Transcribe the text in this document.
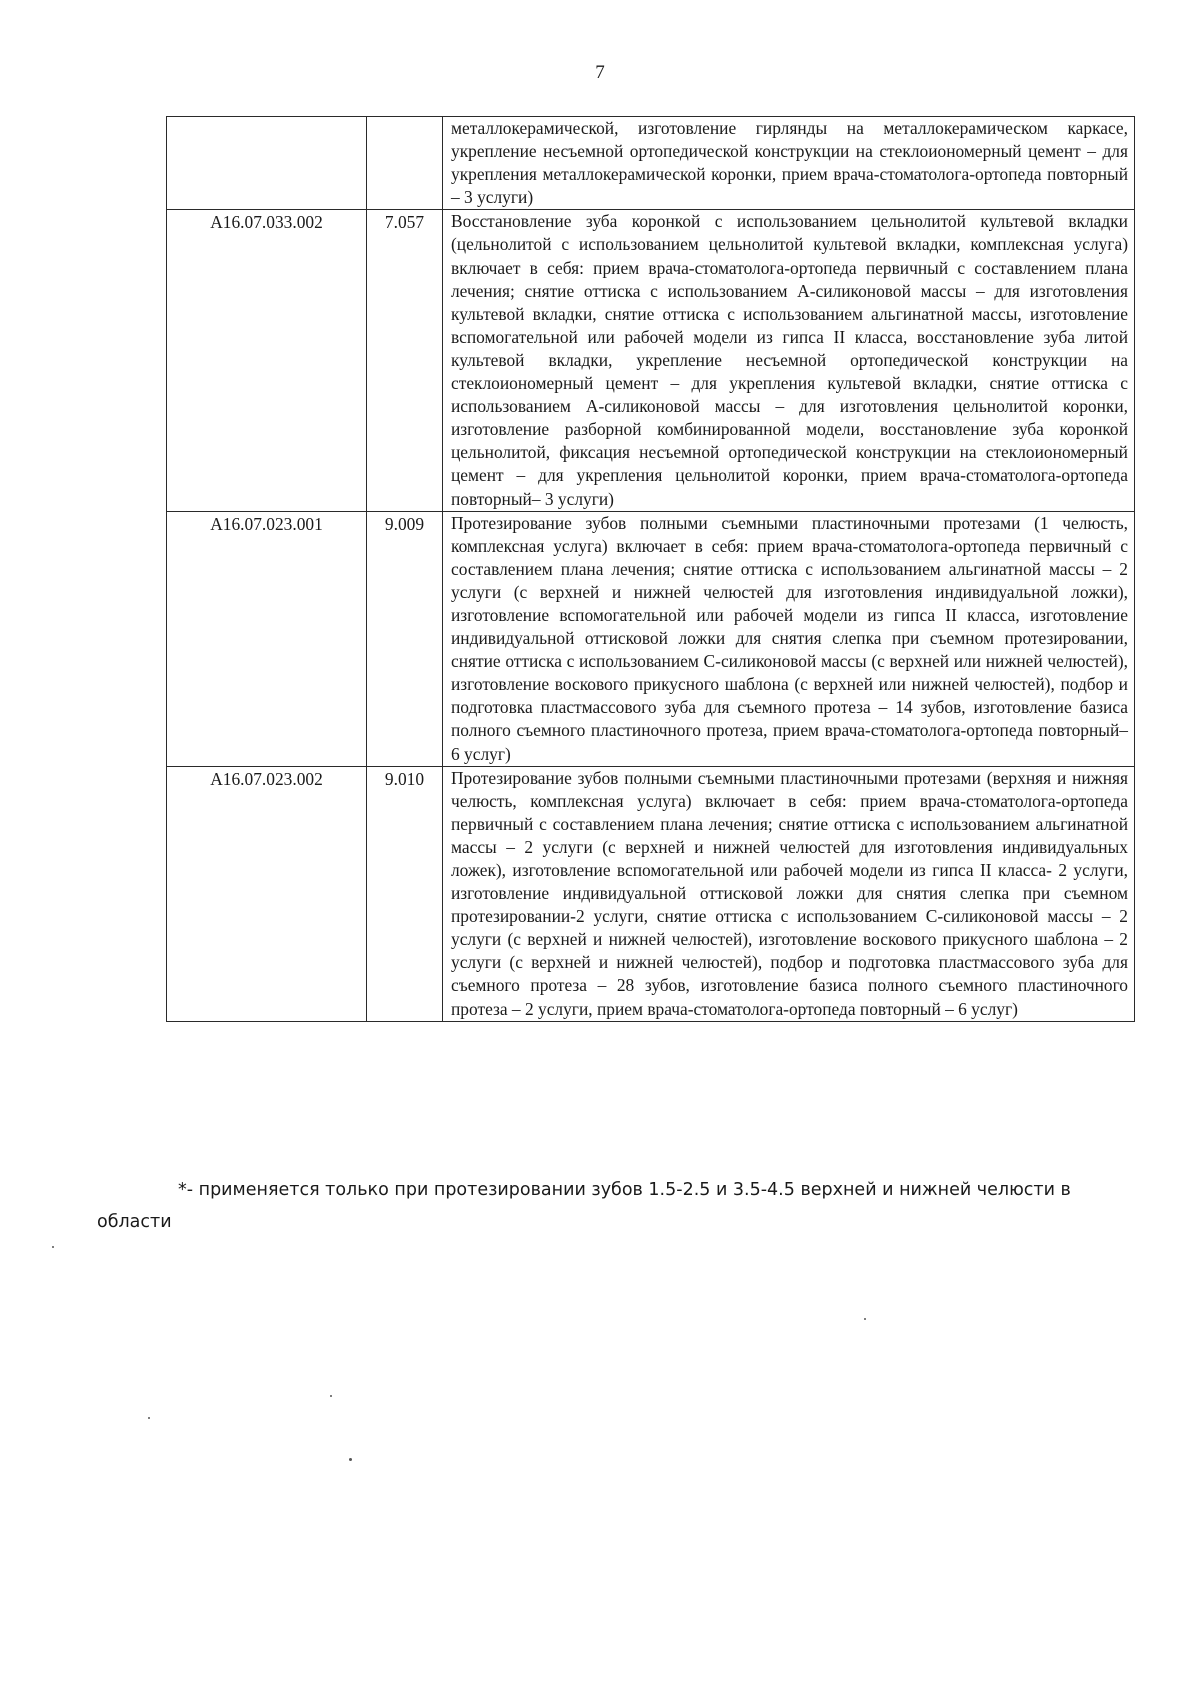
7
		металлокерамической, изготовление гирлянды на металлокерамическом каркасе, укрепление несъемной ортопедической конструкции на стеклоиономерный цемент – для укрепления металлокерамической коронки, прием врача-стоматолога-ортопеда повторный – 3 услуги)
A16.07.033.002	7.057	Восстановление зуба коронкой с использованием цельнолитой культевой вкладки (цельнолитой с использованием цельнолитой культевой вкладки, комплексная услуга) включает в себя: прием врача-стоматолога-ортопеда первичный с составлением плана лечения; снятие оттиска с использованием А-силиконовой массы – для изготовления культевой вкладки, снятие оттиска с использованием альгинатной массы, изготовление вспомогательной или рабочей модели из гипса II класса, восстановление зуба литой культевой вкладки, укрепление несъемной ортопедической конструкции на стеклоиономерный цемент – для укрепления культевой вкладки, снятие оттиска с использованием А-силиконовой массы – для изготовления цельнолитой коронки, изготовление разборной комбинированной модели, восстановление зуба коронкой цельнолитой, фиксация несъемной ортопедической конструкции на стеклоиономерный цемент – для укрепления цельнолитой коронки, прием врача-стоматолога-ортопеда повторный– 3 услуги)
A16.07.023.001	9.009	Протезирование зубов полными съемными пластиночными протезами (1 челюсть, комплексная услуга) включает в себя: прием врача-стоматолога-ортопеда первичный с составлением плана лечения; снятие оттиска с использованием альгинатной массы – 2 услуги (с верхней и нижней челюстей для изготовления индивидуальной ложки), изготовление вспомогательной или рабочей модели из гипса II класса, изготовление индивидуальной оттисковой ложки для снятия слепка при съемном протезировании, снятие оттиска с использованием С-силиконовой массы (с верхней или нижней челюстей), изготовление воскового прикусного шаблона (с верхней или нижней челюстей), подбор и подготовка пластмассового зуба для съемного протеза – 14 зубов, изготовление базиса полного съемного пластиночного протеза, прием врача-стоматолога-ортопеда повторный– 6 услуг)
A16.07.023.002	9.010	Протезирование зубов полными съемными пластиночными протезами (верхняя и нижняя челюсть, комплексная услуга) включает в себя: прием врача-стоматолога-ортопеда первичный с составлением плана лечения; снятие оттиска с использованием альгинатной массы – 2 услуги (с верхней и нижней челюстей для изготовления индивидуальных ложек), изготовление вспомогательной или рабочей модели из гипса II класса- 2 услуги, изготовление индивидуальной оттисковой ложки для снятия слепка при съемном протезировании-2 услуги, снятие оттиска с использованием С-силиконовой массы – 2 услуги (с верхней и нижней челюстей), изготовление воскового прикусного шаблона – 2 услуги (с верхней и нижней челюстей), подбор и подготовка пластмассового зуба для съемного протеза – 28 зубов, изготовление базиса полного съемного пластиночного протеза – 2 услуги, прием врача-стоматолога-ортопеда повторный – 6 услуг)
*- применяется только при протезировании зубов 1.5-2.5 и 3.5-4.5 верхней и нижней челюсти в
области
